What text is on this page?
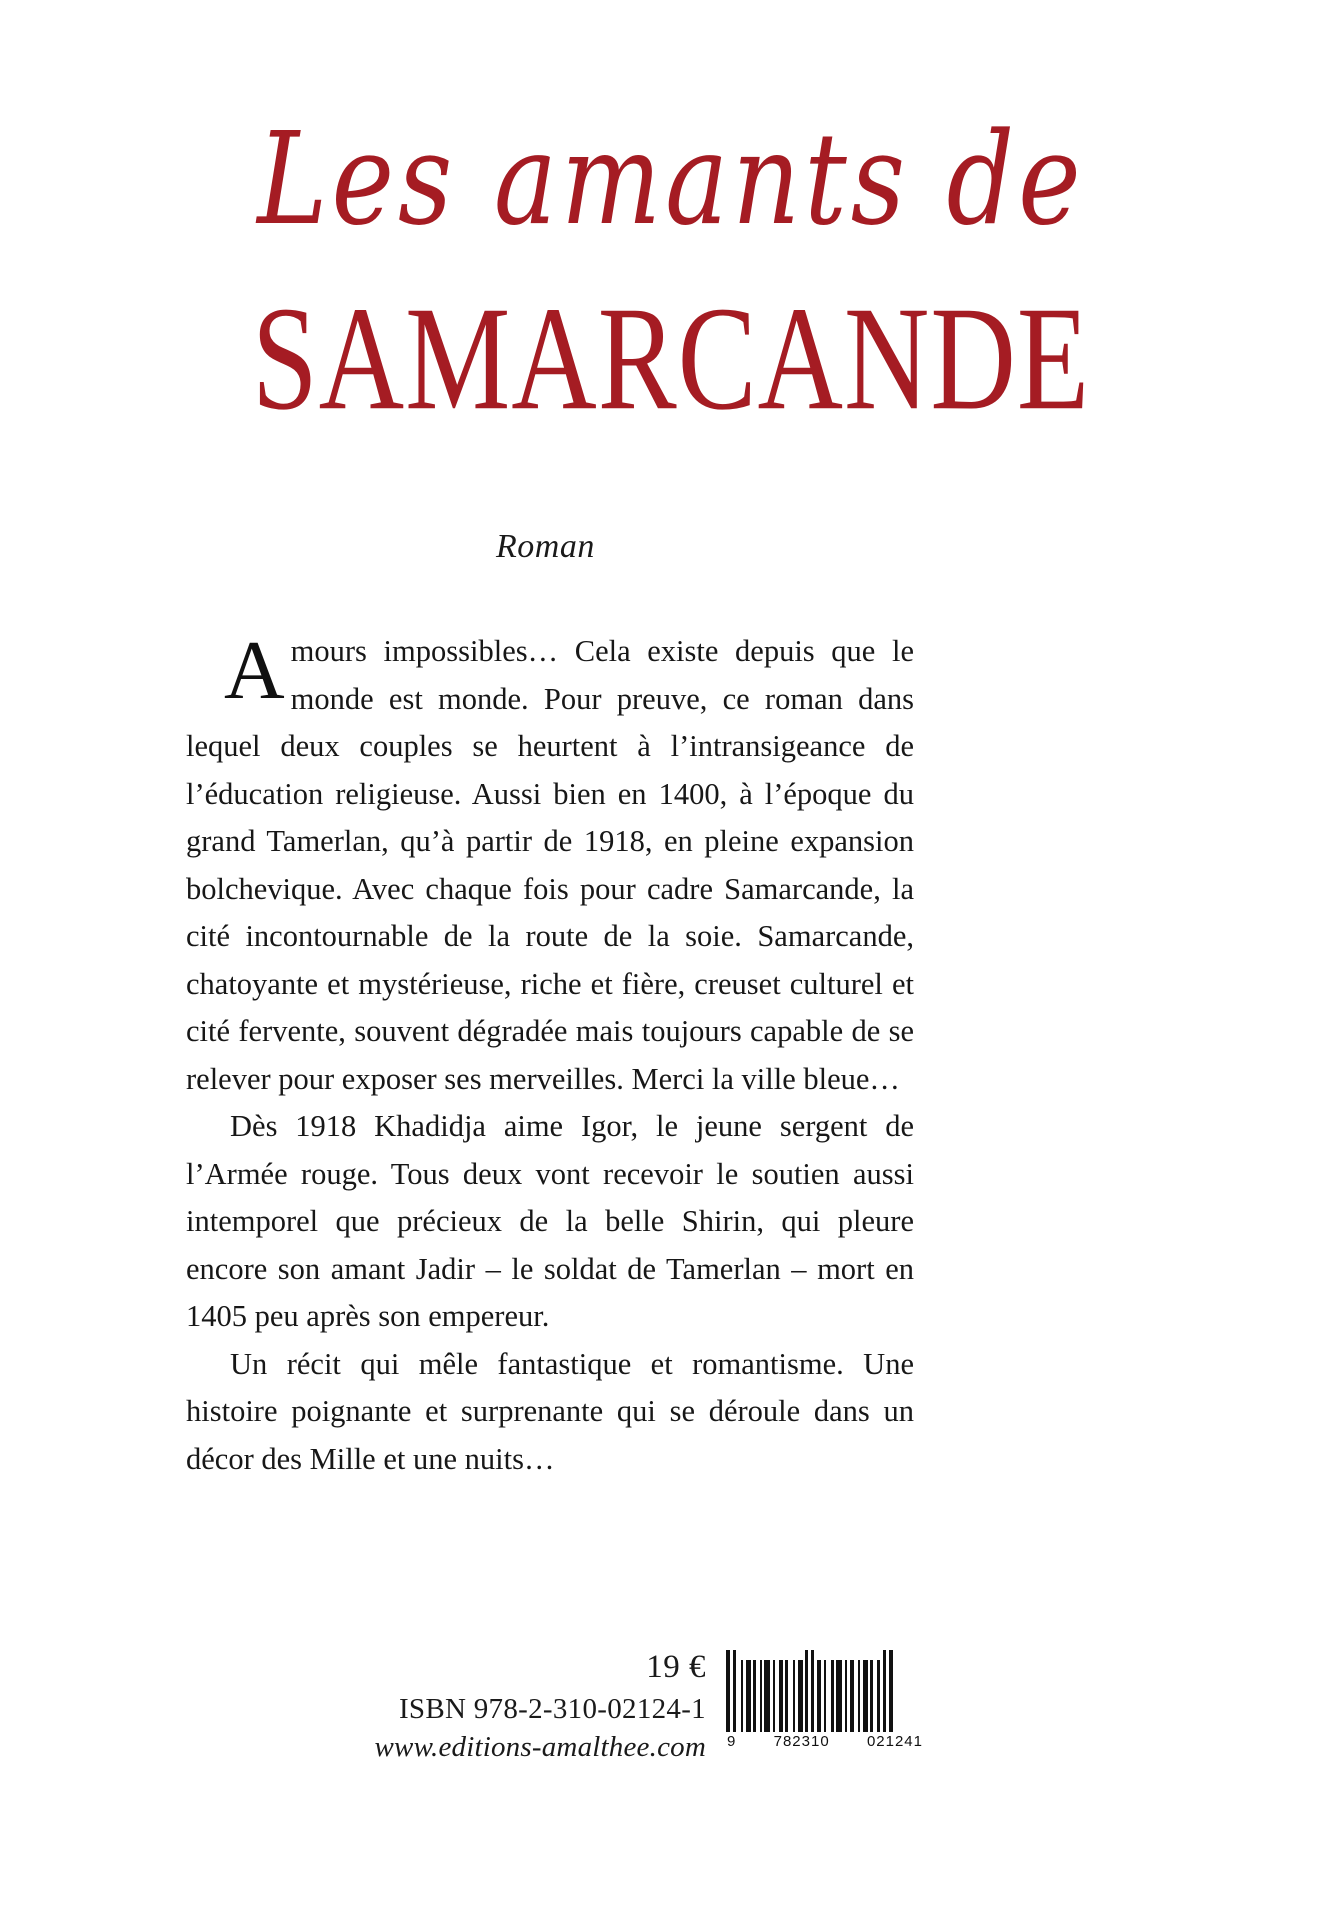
Les amants de
SAMARCANDE
Roman

Amours impossibles… Cela existe depuis que le monde est monde. Pour preuve, ce roman dans lequel deux couples se heurtent à l’intransigeance de l’éducation religieuse. Aussi bien en 1400, à l’époque du grand Tamerlan, qu’à partir de 1918, en pleine expansion bolchevique. Avec chaque fois pour cadre Samarcande, la cité incontournable de la route de la soie. Samarcande, chatoyante et mystérieuse, riche et fière, creuset culturel et cité fervente, souvent dégradée mais toujours capable de se relever pour exposer ses merveilles. Merci la ville bleue…

Dès 1918 Khadidja aime Igor, le jeune sergent de l’Armée rouge. Tous deux vont recevoir le soutien aussi intemporel que précieux de la belle Shirin, qui pleure encore son amant Jadir – le soldat de Tamerlan – mort en 1405 peu après son empereur.

Un récit qui mêle fantastique et romantisme. Une histoire poignante et surprenante qui se déroule dans un décor des Mille et une nuits…

19 €
ISBN 978-2-310-02124-1
www.editions-amalthee.com 9 782310 021241
